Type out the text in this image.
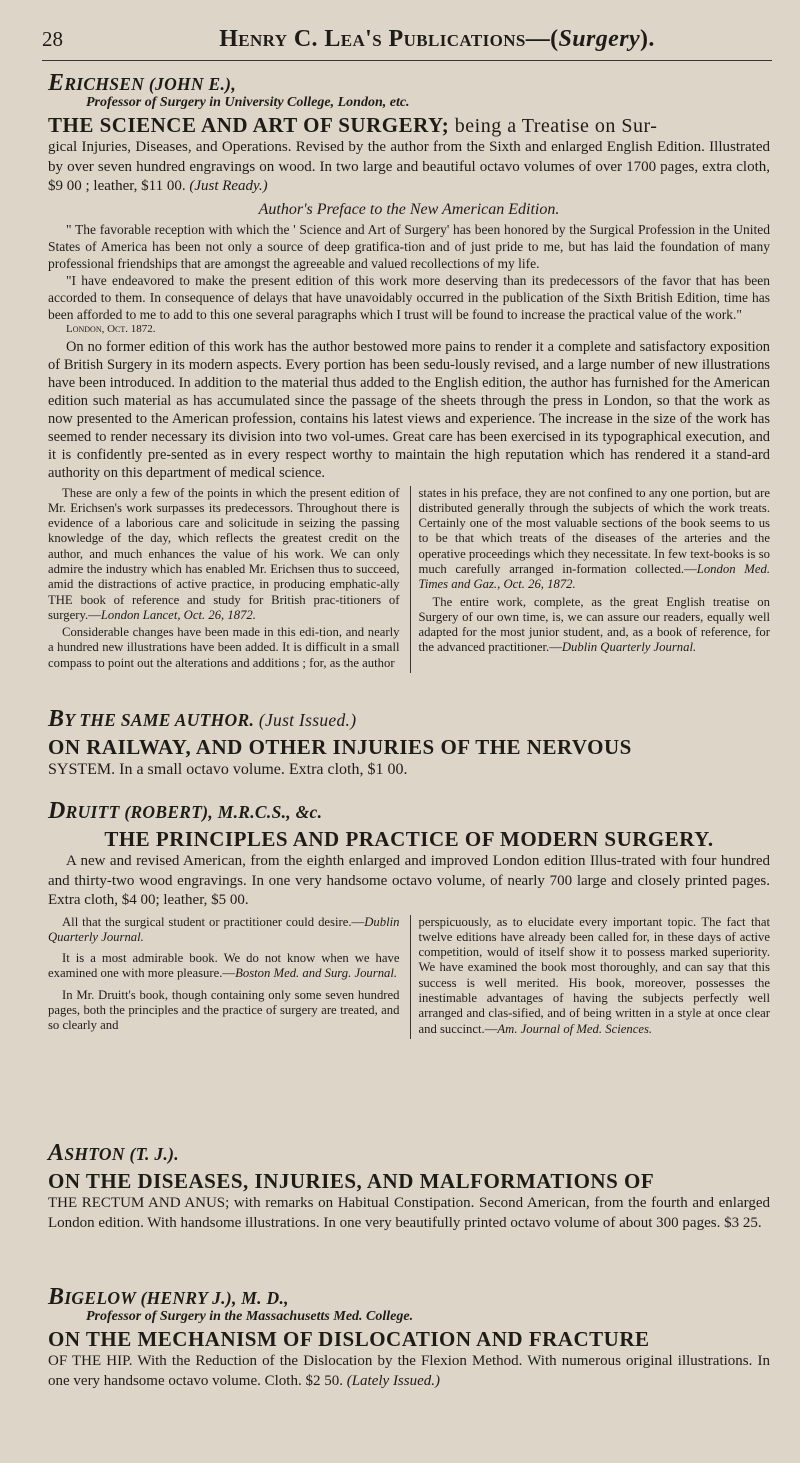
28	Henry C. Lea's Publications—(Surgery).
ERICHSEN (JOHN E.),
Professor of Surgery in University College, London, etc.
THE SCIENCE AND ART OF SURGERY; being a Treatise on Sur-

gical Injuries, Diseases, and Operations. Revised by the author from the Sixth and enlarged English Edition. Illustrated by over seven hundred engravings on wood. In two large and beautiful octavo volumes of over 1700 pages, extra cloth, $9 00 ; leather, $11 00. (Just Ready.)

Author's Preface to the New American Edition.

" The favorable reception with which the ' Science and Art of Surgery' has been honored by the Surgical Profession in the United States of America has been not only a source of deep gratifica-tion and of just pride to me, but has laid the foundation of many professional friendships that are amongst the agreeable and valued recollections of my life.

"I have endeavored to make the present edition of this work more deserving than its predecessors of the favor that has been accorded to them. In consequence of delays that have unavoidably occurred in the publication of the Sixth British Edition, time has been afforded to me to add to this one several paragraphs which I trust will be found to increase the practical value of the work."

London, Oct. 1872.

On no former edition of this work has the author bestowed more pains to render it a complete and satisfactory exposition of British Surgery in its modern aspects. Every portion has been sedu-lously revised, and a large number of new illustrations have been introduced. In addition to the material thus added to the English edition, the author has furnished for the American edition such material as has accumulated since the passage of the sheets through the press in London, so that the work as now presented to the American profession, contains his latest views and experience. The increase in the size of the work has seemed to render necessary its division into two vol-umes. Great care has been exercised in its typographical execution, and it is confidently pre-sented as in every respect worthy to maintain the high reputation which has rendered it a stand-ard authority on this department of medical science.

These are only a few of the points in which the present edition of Mr. Erichsen's work surpasses its predecessors. Throughout there is evidence of a laborious care and solicitude in seizing the passing knowledge of the day, which reflects the greatest credit on the author, and much enhances the value of his work. We can only admire the industry which has enabled Mr. Erichsen thus to succeed, amid the distractions of active practice, in producing emphatic-ally THE book of reference and study for British prac-titioners of surgery.—London Lancet, Oct. 26, 1872.

Considerable changes have been made in this edi-tion, and nearly a hundred new illustrations have been added. It is difficult in a small compass to point out the alterations and additions ; for, as the author

states in his preface, they are not confined to any one portion, but are distributed generally through the subjects of which the work treats. Certainly one of the most valuable sections of the book seems to us to be that which treats of the diseases of the arteries and the operative proceedings which they necessitate. In few text-books is so much carefully arranged in-formation collected.—London Med. Times and Gaz., Oct. 26, 1872.

The entire work, complete, as the great English treatise on Surgery of our own time, is, we can assure our readers, equally well adapted for the most junior student, and, as a book of reference, for the advanced practitioner.—Dublin Quarterly Journal.

BY THE SAME AUTHOR. (Just Issued.)
ON RAILWAY, AND OTHER INJURIES OF THE NERVOUS

SYSTEM. In a small octavo volume. Extra cloth, $1 00.

DRUITT (ROBERT), M.R.C.S., &c.
THE PRINCIPLES AND PRACTICE OF MODERN SURGERY.

A new and revised American, from the eighth enlarged and improved London edition Illus-trated with four hundred and thirty-two wood engravings. In one very handsome octavo volume, of nearly 700 large and closely printed pages. Extra cloth, $4 00; leather, $5 00.

All that the surgical student or practitioner could desire.—Dublin Quarterly Journal.

It is a most admirable book. We do not know when we have examined one with more pleasure.—Boston Med. and Surg. Journal.

In Mr. Druitt's book, though containing only some seven hundred pages, both the principles and the practice of surgery are treated, and so clearly and

perspicuously, as to elucidate every important topic. The fact that twelve editions have already been called for, in these days of active competition, would of itself show it to possess marked superiority. We have examined the book most thoroughly, and can say that this success is well merited. His book, moreover, possesses the inestimable advantages of having the subjects perfectly well arranged and clas-sified, and of being written in a style at once clear and succinct.—Am. Journal of Med. Sciences.

ASHTON (T. J.).
ON THE DISEASES, INJURIES, AND MALFORMATIONS OF

THE RECTUM AND ANUS; with remarks on Habitual Constipation. Second American, from the fourth and enlarged London edition. With handsome illustrations. In one very beautifully printed octavo volume of about 300 pages. $3 25.

BIGELOW (HENRY J.), M. D.,
Professor of Surgery in the Massachusetts Med. College.
ON THE MECHANISM OF DISLOCATION AND FRACTURE

OF THE HIP. With the Reduction of the Dislocation by the Flexion Method. With numerous original illustrations. In one very handsome octavo volume. Cloth. $2 50. (Lately Issued.)
